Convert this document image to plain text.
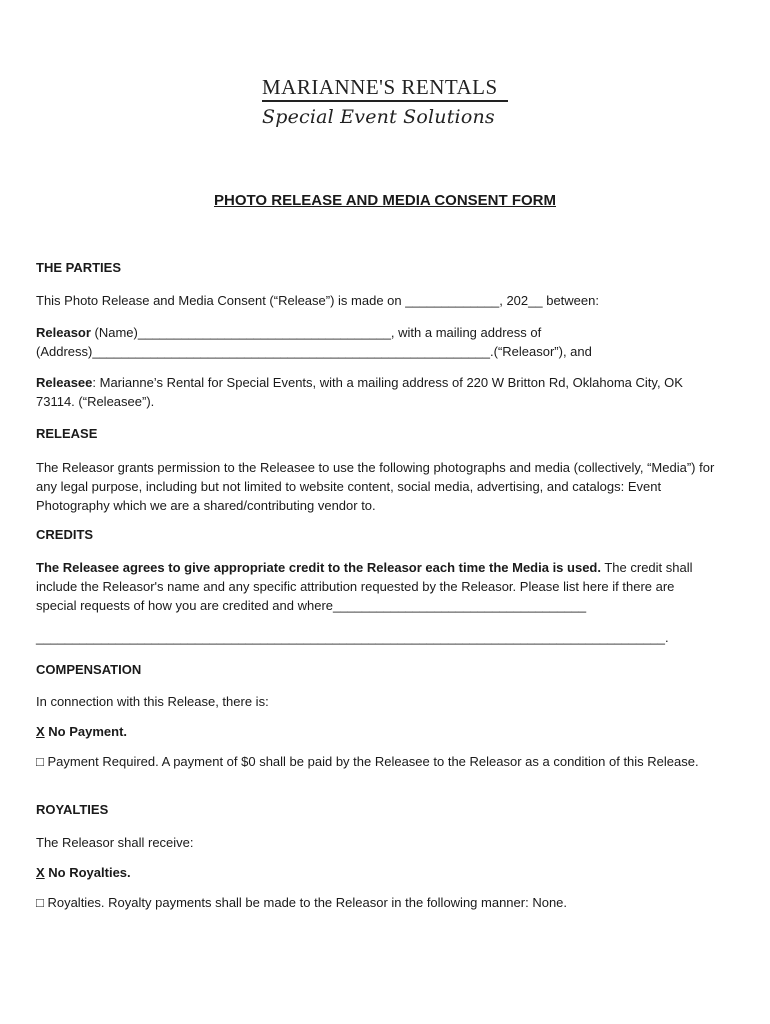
MARIANNE'S RENTALS
Special Event Solutions
PHOTO RELEASE AND MEDIA CONSENT FORM
THE PARTIES
This Photo Release and Media Consent (“Release”) is made on _____________, 202__ between:
Releasor (Name)___________________________________, with a mailing address of
(Address)_______________________________________________________.(“Releasor”), and
Releasee: Marianne’s Rental for Special Events, with a mailing address of 220 W Britton Rd, Oklahoma City, OK 73114. (“Releasee”).
RELEASE
The Releasor grants permission to the Releasee to use the following photographs and media (collectively, “Media”) for any legal purpose, including but not limited to website content, social media, advertising, and catalogs: Event Photography which we are a shared/contributing vendor to.
CREDITS
The Releasee agrees to give appropriate credit to the Releasor each time the Media is used. The credit shall include the Releasor's name and any specific attribution requested by the Releasor. Please list here if there are special requests of how you are credited and where___________________________________
_______________________________________________________________________________________.
COMPENSATION
In connection with this Release, there is:
X No Payment.
□ Payment Required. A payment of $0 shall be paid by the Releasee to the Releasor as a condition of this Release.
ROYALTIES
The Releasor shall receive:
X No Royalties.
□ Royalties. Royalty payments shall be made to the Releasor in the following manner: None.
